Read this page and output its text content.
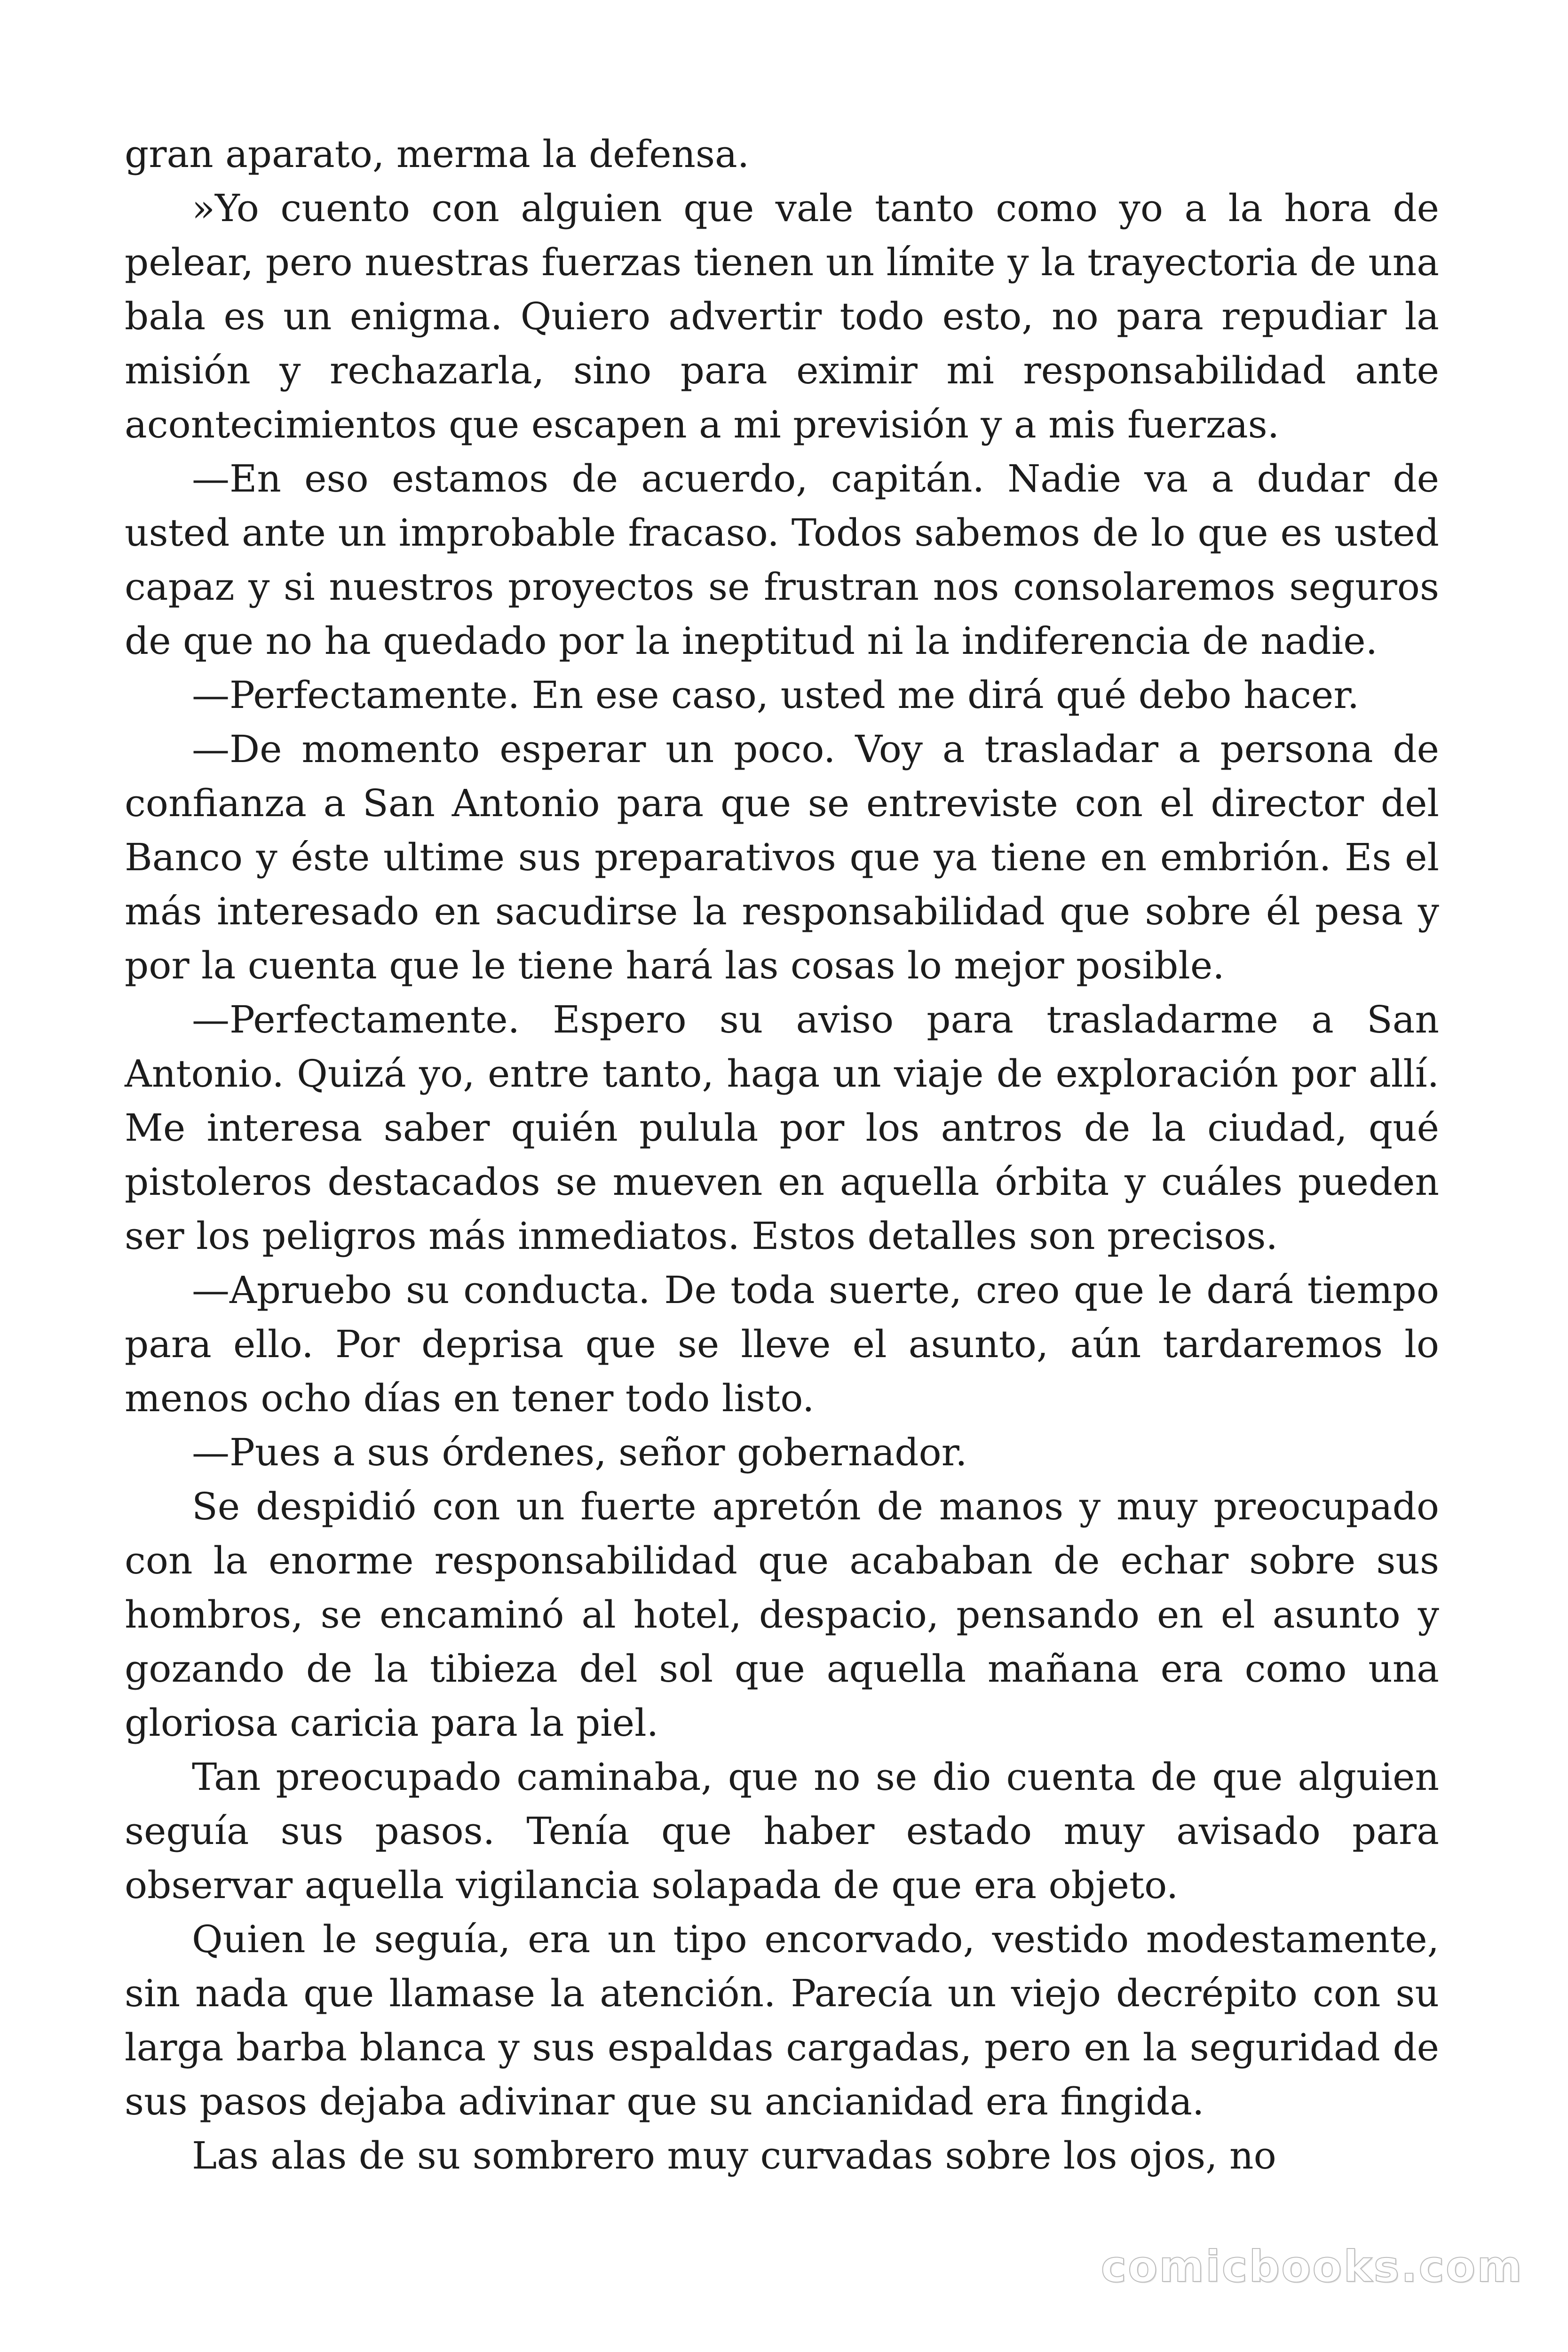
gran aparato, merma la defensa.

»Yo cuento con alguien que vale tanto como yo a la hora de pelear, pero nuestras fuerzas tienen un límite y la trayectoria de una bala es un enigma. Quiero advertir todo esto, no para repudiar la misión y rechazarla, sino para eximir mi responsabilidad ante acontecimientos que escapen a mi previsión y a mis fuerzas.

—En eso estamos de acuerdo, capitán. Nadie va a dudar de usted ante un improbable fracaso. Todos sabemos de lo que es usted capaz y si nuestros proyectos se frustran nos consolaremos seguros de que no ha quedado por la ineptitud ni la indiferencia de nadie.

—Perfectamente. En ese caso, usted me dirá qué debo hacer.

—De momento esperar un poco. Voy a trasladar a persona de confianza a San Antonio para que se entreviste con el director del Banco y éste ultime sus preparativos que ya tiene en embrión. Es el más interesado en sacudirse la responsabilidad que sobre él pesa y por la cuenta que le tiene hará las cosas lo mejor posible.

—Perfectamente. Espero su aviso para trasladarme a San Antonio. Quizá yo, entre tanto, haga un viaje de exploración por allí. Me interesa saber quién pulula por los antros de la ciudad, qué pistoleros destacados se mueven en aquella órbita y cuáles pueden ser los peligros más inmediatos. Estos detalles son precisos.

—Apruebo su conducta. De toda suerte, creo que le dará tiempo para ello. Por deprisa que se lleve el asunto, aún tardaremos lo menos ocho días en tener todo listo.

—Pues a sus órdenes, señor gobernador.

Se despidió con un fuerte apretón de manos y muy preocupado con la enorme responsabilidad que acababan de echar sobre sus hombros, se encaminó al hotel, despacio, pensando en el asunto y gozando de la tibieza del sol que aquella mañana era como una gloriosa caricia para la piel.

Tan preocupado caminaba, que no se dio cuenta de que alguien seguía sus pasos. Tenía que haber estado muy avisado para observar aquella vigilancia solapada de que era objeto.

Quien le seguía, era un tipo encorvado, vestido modestamente, sin nada que llamase la atención. Parecía un viejo decrépito con su larga barba blanca y sus espaldas cargadas, pero en la seguridad de sus pasos dejaba adivinar que su ancianidad era fingida.

Las alas de su sombrero muy curvadas sobre los ojos, no

comicbooks.com
